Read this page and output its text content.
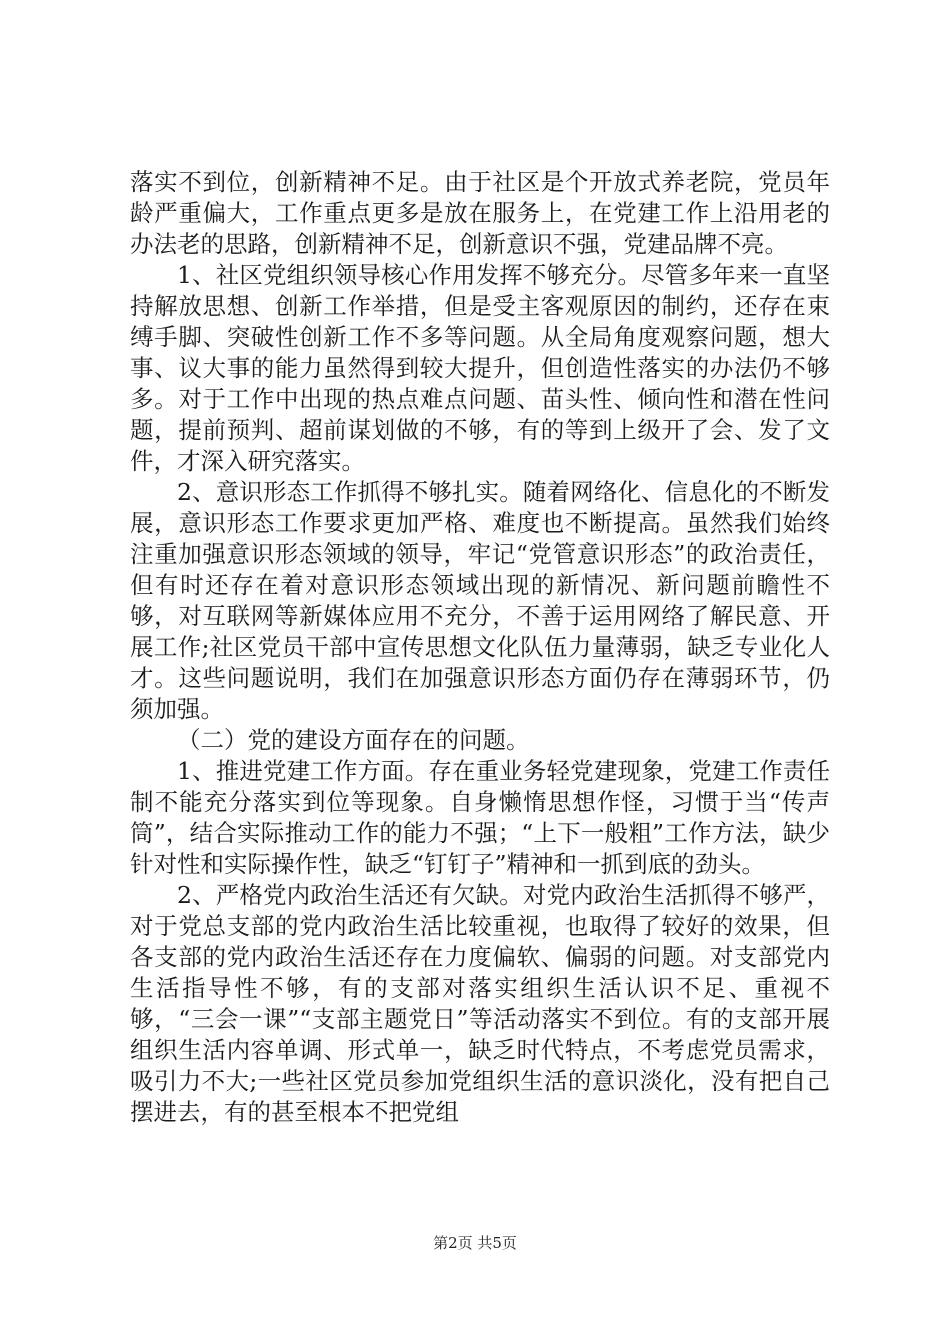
落实不到位，创新精神不足。由于社区是个开放式养老院，党员年龄严重偏大，工作重点更多是放在服务上，在党建工作上沿用老的办法老的思路，创新精神不足，创新意识不强，党建品牌不亮。

1、社区党组织领导核心作用发挥不够充分。尽管多年来一直坚持解放思想、创新工作举措，但是受主客观原因的制约，还存在束缚手脚、突破性创新工作不多等问题。从全局角度观察问题，想大事、议大事的能力虽然得到较大提升，但创造性落实的办法仍不够多。对于工作中出现的热点难点问题、苗头性、倾向性和潜在性问题，提前预判、超前谋划做的不够，有的等到上级开了会、发了文件，才深入研究落实。

2、意识形态工作抓得不够扎实。随着网络化、信息化的不断发展，意识形态工作要求更加严格、难度也不断提高。虽然我们始终注重加强意识形态领域的领导，牢记“党管意识形态”的政治责任，但有时还存在着对意识形态领域出现的新情况、新问题前瞻性不够，对互联网等新媒体应用不充分，不善于运用网络了解民意、开展工作;社区党员干部中宣传思想文化队伍力量薄弱，缺乏专业化人才。这些问题说明，我们在加强意识形态方面仍存在薄弱环节，仍须加强。

（二）党的建设方面存在的问题。

1、推进党建工作方面。存在重业务轻党建现象，党建工作责任制不能充分落实到位等现象。自身懒惰思想作怪，习惯于当“传声筒”，结合实际推动工作的能力不强；“上下一般粗”工作方法，缺少针对性和实际操作性，缺乏“钉钉子”精神和一抓到底的劲头。

2、严格党内政治生活还有欠缺。对党内政治生活抓得不够严，对于党总支部的党内政治生活比较重视，也取得了较好的效果，但各支部的党内政治生活还存在力度偏软、偏弱的问题。对支部党内生活指导性不够，有的支部对落实组织生活认识不足、重视不够，“三会一课”“支部主题党日”等活动落实不到位。有的支部开展组织生活内容单调、形式单一，缺乏时代特点，不考虑党员需求，吸引力不大;一些社区党员参加党组织生活的意识淡化，没有把自己摆进去，有的甚至根本不把党组

第2页 共5页
